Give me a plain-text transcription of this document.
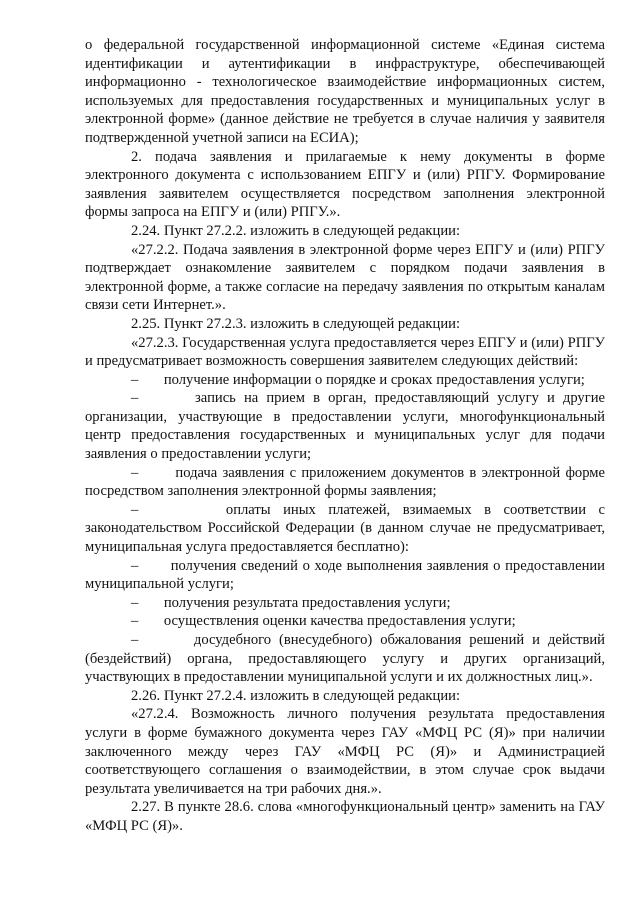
о федеральной государственной информационной системе «Единая система идентификации и аутентификации в инфраструктуре, обеспечивающей информационно - технологическое взаимодействие информационных систем, используемых для предоставления государственных и муниципальных услуг в электронной форме» (данное действие не требуется в случае наличия у заявителя подтвержденной учетной записи на ЕСИА);

2. подача заявления и прилагаемые к нему документы в форме электронного документа с использованием ЕПГУ и (или) РПГУ. Формирование заявления заявителем осуществляется посредством заполнения электронной формы запроса на ЕПГУ и (или) РПГУ.».

2.24. Пункт 27.2.2. изложить в следующей редакции:

«27.2.2. Подача заявления в электронной форме через ЕПГУ и (или) РПГУ подтверждает ознакомление заявителем с порядком подачи заявления в электронной форме, а также согласие на передачу заявления по открытым каналам связи сети Интернет.».

2.25. Пункт 27.2.3. изложить в следующей редакции:

«27.2.3. Государственная услуга предоставляется через ЕПГУ и (или) РПГУ и предусматривает возможность совершения заявителем следующих действий:

–       получение информации о порядке и сроках предоставления услуги;

–       запись на прием в орган, предоставляющий услугу и другие организации, участвующие в предоставлении услуги, многофункциональный центр предоставления государственных и муниципальных услуг для подачи заявления о предоставлении услуги;

–       подача заявления с приложением документов в электронной форме посредством заполнения электронной формы заявления;

–       оплаты иных платежей, взимаемых в соответствии с законодательством Российской Федерации (в данном случае не предусматривает, муниципальная услуга предоставляется бесплатно):

–       получения сведений о ходе выполнения заявления о предоставлении муниципальной услуги;

–       получения результата предоставления услуги;

–       осуществления оценки качества предоставления услуги;

–       досудебного (внесудебного) обжалования решений и действий (бездействий) органа, предоставляющего услугу и других организаций, участвующих в предоставлении муниципальной услуги и их должностных лиц.».

2.26. Пункт 27.2.4. изложить в следующей редакции:

«27.2.4. Возможность личного получения результата предоставления услуги в форме бумажного документа через ГАУ «МФЦ РС (Я)» при наличии заключенного между через ГАУ «МФЦ РС (Я)» и Администрацией соответствующего соглашения о взаимодействии, в этом случае срок выдачи результата увеличивается на три рабочих дня.».

2.27. В пункте 28.6. слова «многофункциональный центр» заменить на ГАУ «МФЦ РС (Я)».
